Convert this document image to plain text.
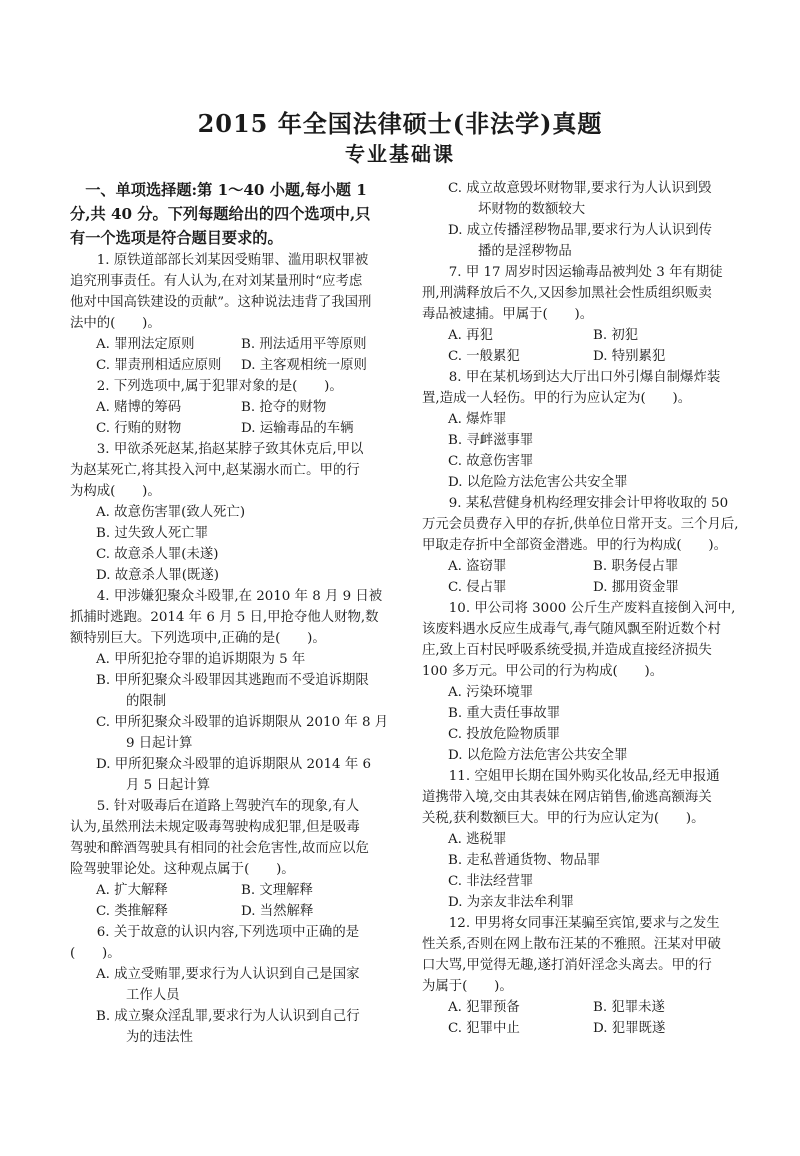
2015 年全国法律硕士(非法学)真题
专业基础课
　一、单项选择题:第 1～40 小题,每小题 1
分,共 40 分。下列每题给出的四个选项中,只
有一个选项是符合题目要求的。
　　1. 原铁道部部长刘某因受贿罪、滥用职权罪被
追究刑事责任。有人认为,在对刘某量刑时“应考虑
他对中国高铁建设的贡献”。这种说法违背了我国刑
法中的(　　)。
A. 罪刑法定原则	B. 刑法适用平等原则
C. 罪责刑相适应原则	D. 主客观相统一原则
　　2. 下列选项中,属于犯罪对象的是(　　)。
A. 赌博的筹码	B. 抢夺的财物
C. 行贿的财物	D. 运输毒品的车辆
　　3. 甲欲杀死赵某,掐赵某脖子致其休克后,甲以
为赵某死亡,将其投入河中,赵某溺水而亡。甲的行
为构成(　　)。
A. 故意伤害罪(致人死亡)
B. 过失致人死亡罪
C. 故意杀人罪(未遂)
D. 故意杀人罪(既遂)
　　4. 甲涉嫌犯聚众斗殴罪,在 2010 年 8 月 9 日被
抓捕时逃跑。2014 年 6 月 5 日,甲抢夺他人财物,数
额特别巨大。下列选项中,正确的是(　　)。
A. 甲所犯抢夺罪的追诉期限为 5 年
B. 甲所犯聚众斗殴罪因其逃跑而不受追诉期限
的限制
C. 甲所犯聚众斗殴罪的追诉期限从 2010 年 8 月
9 日起计算
D. 甲所犯聚众斗殴罪的追诉期限从 2014 年 6
月 5 日起计算
　　5. 针对吸毒后在道路上驾驶汽车的现象,有人
认为,虽然刑法未规定吸毒驾驶构成犯罪,但是吸毒
驾驶和醉酒驾驶具有相同的社会危害性,故而应以危
险驾驶罪论处。这种观点属于(　　)。
A. 扩大解释	B. 文理解释
C. 类推解释	D. 当然解释
　　6. 关于故意的认识内容,下列选项中正确的是
(　　)。
A. 成立受贿罪,要求行为人认识到自己是国家
工作人员
B. 成立聚众淫乱罪,要求行为人认识到自己行
为的违法性
C. 成立故意毁坏财物罪,要求行为人认识到毁
坏财物的数额较大
D. 成立传播淫秽物品罪,要求行为人认识到传
播的是淫秽物品
　　7. 甲 17 周岁时因运输毒品被判处 3 年有期徒
刑,刑满释放后不久,又因参加黑社会性质组织贩卖
毒品被逮捕。甲属于(　　)。
A. 再犯	B. 初犯
C. 一般累犯	D. 特别累犯
　　8. 甲在某机场到达大厅出口外引爆自制爆炸装
置,造成一人轻伤。甲的行为应认定为(　　)。
A. 爆炸罪
B. 寻衅滋事罪
C. 故意伤害罪
D. 以危险方法危害公共安全罪
　　9. 某私营健身机构经理安排会计甲将收取的 50
万元会员费存入甲的存折,供单位日常开支。三个月后,
甲取走存折中全部资金潜逃。甲的行为构成(　　)。
A. 盗窃罪	B. 职务侵占罪
C. 侵占罪	D. 挪用资金罪
　　10. 甲公司将 3000 公斤生产废料直接倒入河中,
该废料遇水反应生成毒气,毒气随风飘至附近数个村
庄,致上百村民呼吸系统受损,并造成直接经济损失
100 多万元。甲公司的行为构成(　　)。
A. 污染环境罪
B. 重大责任事故罪
C. 投放危险物质罪
D. 以危险方法危害公共安全罪
　　11. 空姐甲长期在国外购买化妆品,经无申报通
道携带入境,交由其表妹在网店销售,偷逃高额海关
关税,获利数额巨大。甲的行为应认定为(　　)。
A. 逃税罪
B. 走私普通货物、物品罪
C. 非法经营罪
D. 为亲友非法牟利罪
　　12. 甲男将女同事汪某骗至宾馆,要求与之发生
性关系,否则在网上散布汪某的不雅照。汪某对甲破
口大骂,甲觉得无趣,遂打消奸淫念头离去。甲的行
为属于(　　)。
A. 犯罪预备	B. 犯罪未遂
C. 犯罪中止	D. 犯罪既遂
